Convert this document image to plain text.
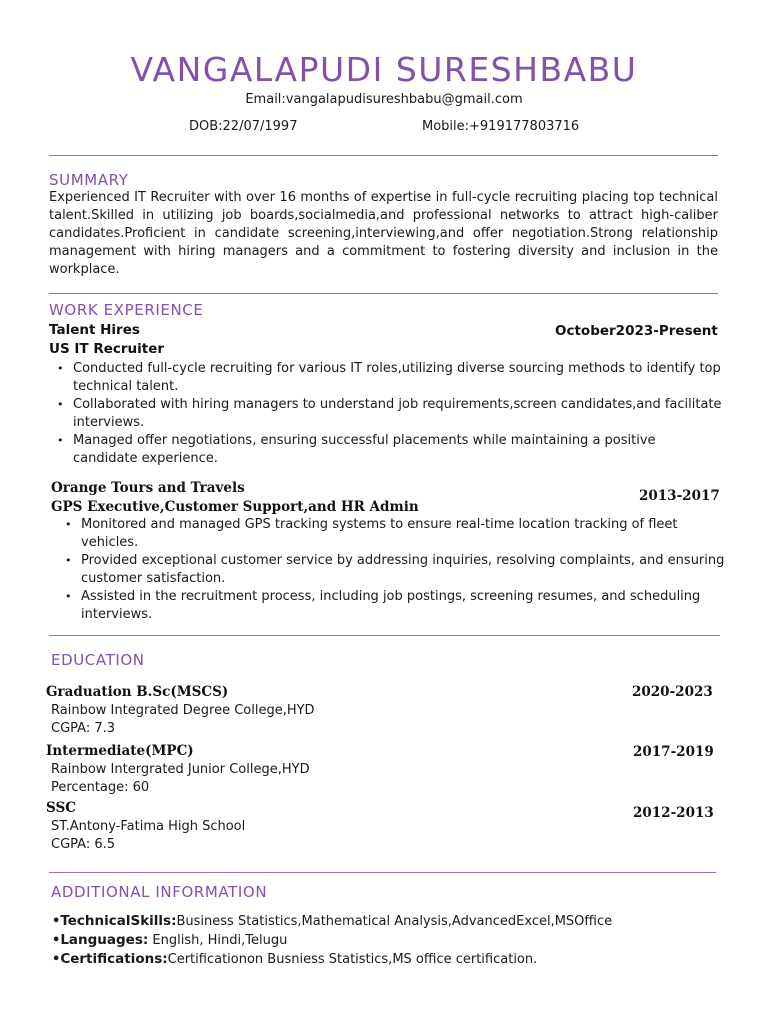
VANGALAPUDI SURESHBABU
Email:vangalapudisureshbabu@gmail.com
DOB:22/07/1997	Mobile:+919177803716
SUMMARY
Experienced IT Recruiter with over 16 months of expertise in full-cycle recruiting placing top technical talent.Skilled in utilizing job boards,socialmedia,and professional networks to attract high-caliber candidates.Proficient in candidate screening,interviewing,and offer negotiation.Strong relationship management with hiring managers and a commitment to fostering diversity and inclusion in the workplace.
WORK EXPERIENCE
Talent Hires	October2023-Present
US IT Recruiter
• Conducted full-cycle recruiting for various IT roles,utilizing diverse sourcing methods to identify top technical talent.
• Collaborated with hiring managers to understand job requirements,screen candidates,and facilitate interviews.
• Managed offer negotiations, ensuring successful placements while maintaining a positive candidate experience.
Orange Tours and Travels	2013-2017
GPS Executive,Customer Support,and HR Admin
• Monitored and managed GPS tracking systems to ensure real-time location tracking of fleet vehicles.
• Provided exceptional customer service by addressing inquiries, resolving complaints, and ensuring customer satisfaction.
• Assisted in the recruitment process, including job postings, screening resumes, and scheduling interviews.
EDUCATION
Graduation B.Sc(MSCS)	2020-2023
Rainbow Integrated Degree College,HYD
CGPA: 7.3
Intermediate(MPC)	2017-2019
Rainbow Intergrated Junior College,HYD
Percentage: 60
SSC	2012-2013
ST.Antony-Fatima High School
CGPA: 6.5
ADDITIONAL INFORMATION
•TechnicalSkills:Business Statistics,Mathematical Analysis,AdvancedExcel,MSOffice
•Languages: English, Hindi,Telugu
•Certifications:Certificationon Busniess Statistics,MS office certification.
